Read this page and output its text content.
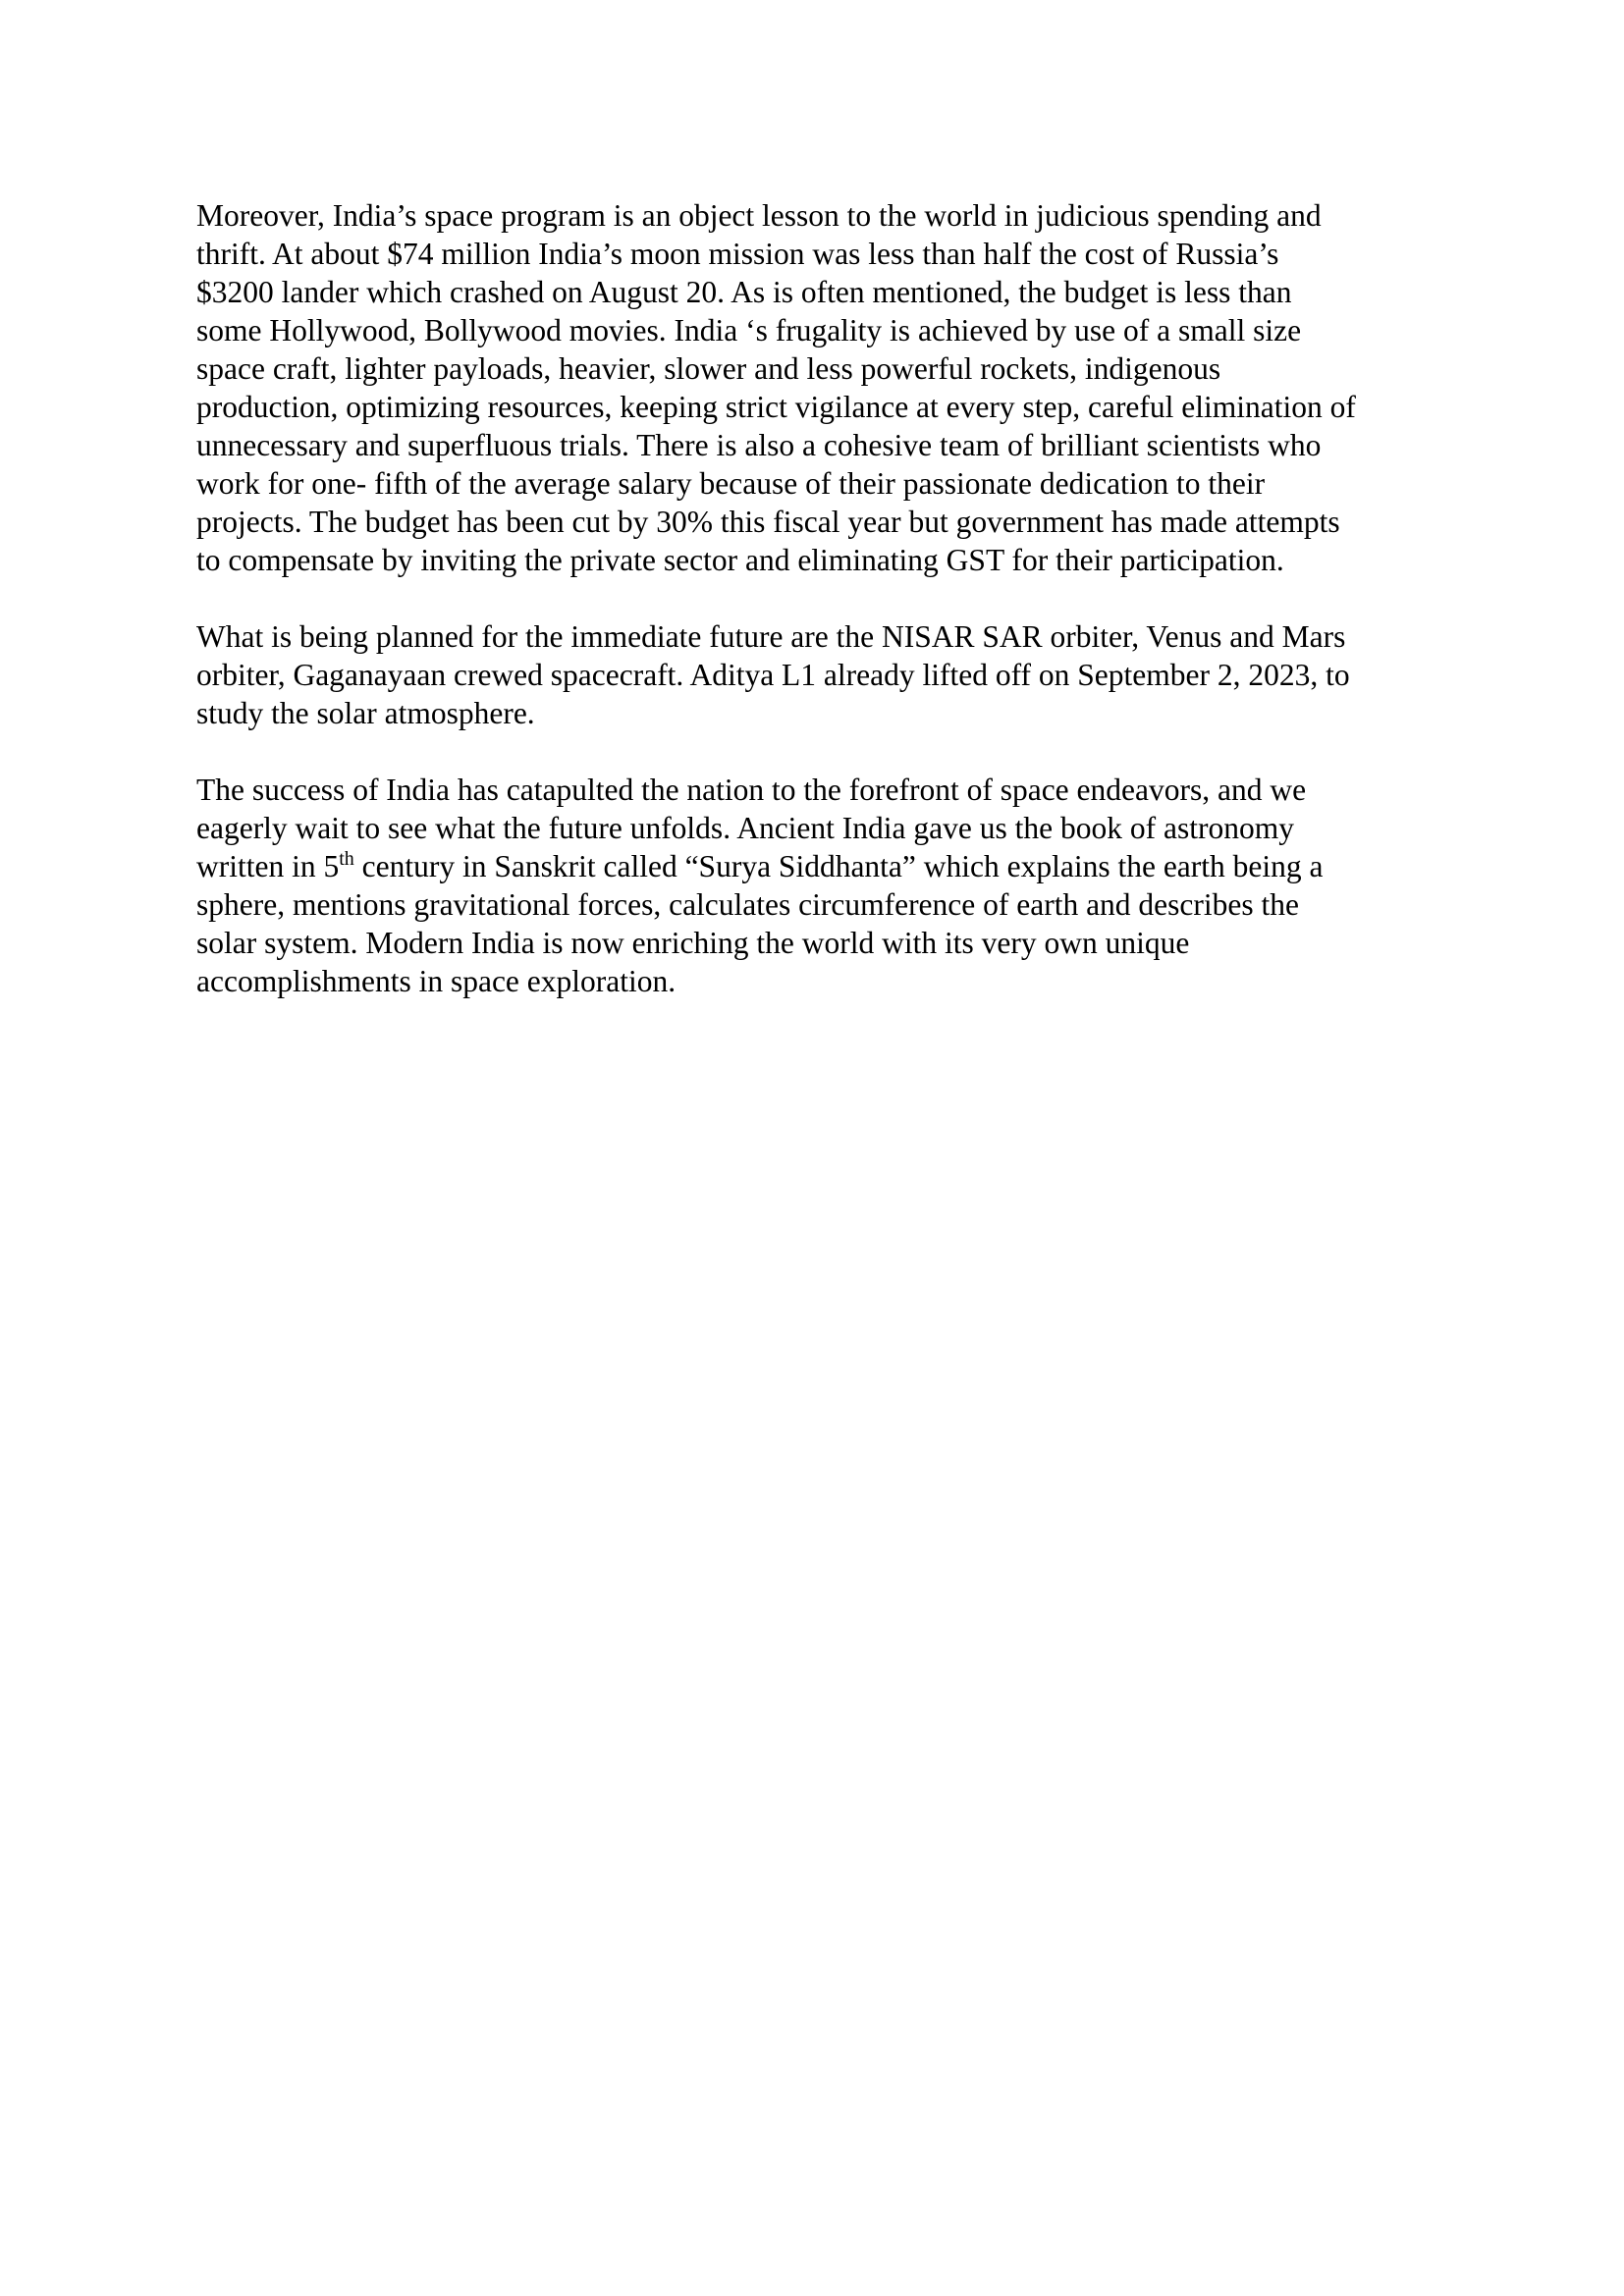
Moreover, India’s space program is an object lesson to the world in judicious spending and
thrift. At about $74 million India’s moon mission was less than half the cost of Russia’s
$3200 lander which crashed on August 20. As is often mentioned, the budget is less than
some Hollywood, Bollywood movies. India ‘s frugality is achieved by use of a small size
space craft, lighter payloads, heavier, slower and less powerful rockets, indigenous
production, optimizing resources, keeping strict vigilance at every step, careful elimination of
unnecessary and superfluous trials. There is also a cohesive team of brilliant scientists who
work for one- fifth of the average salary because of their passionate dedication to their
projects. The budget has been cut by 30% this fiscal year but government has made attempts
to compensate by inviting the private sector and eliminating GST for their participation.

What is being planned for the immediate future are the NISAR SAR orbiter, Venus and Mars
orbiter, Gaganayaan crewed spacecraft. Aditya L1 already lifted off on September 2, 2023, to
study the solar atmosphere.

The success of India has catapulted the nation to the forefront of space endeavors, and we
eagerly wait to see what the future unfolds. Ancient India gave us the book of astronomy
written in 5th century in Sanskrit called “Surya Siddhanta” which explains the earth being a
sphere, mentions gravitational forces, calculates circumference of earth and describes the
solar system. Modern India is now enriching the world with its very own unique
accomplishments in space exploration.
